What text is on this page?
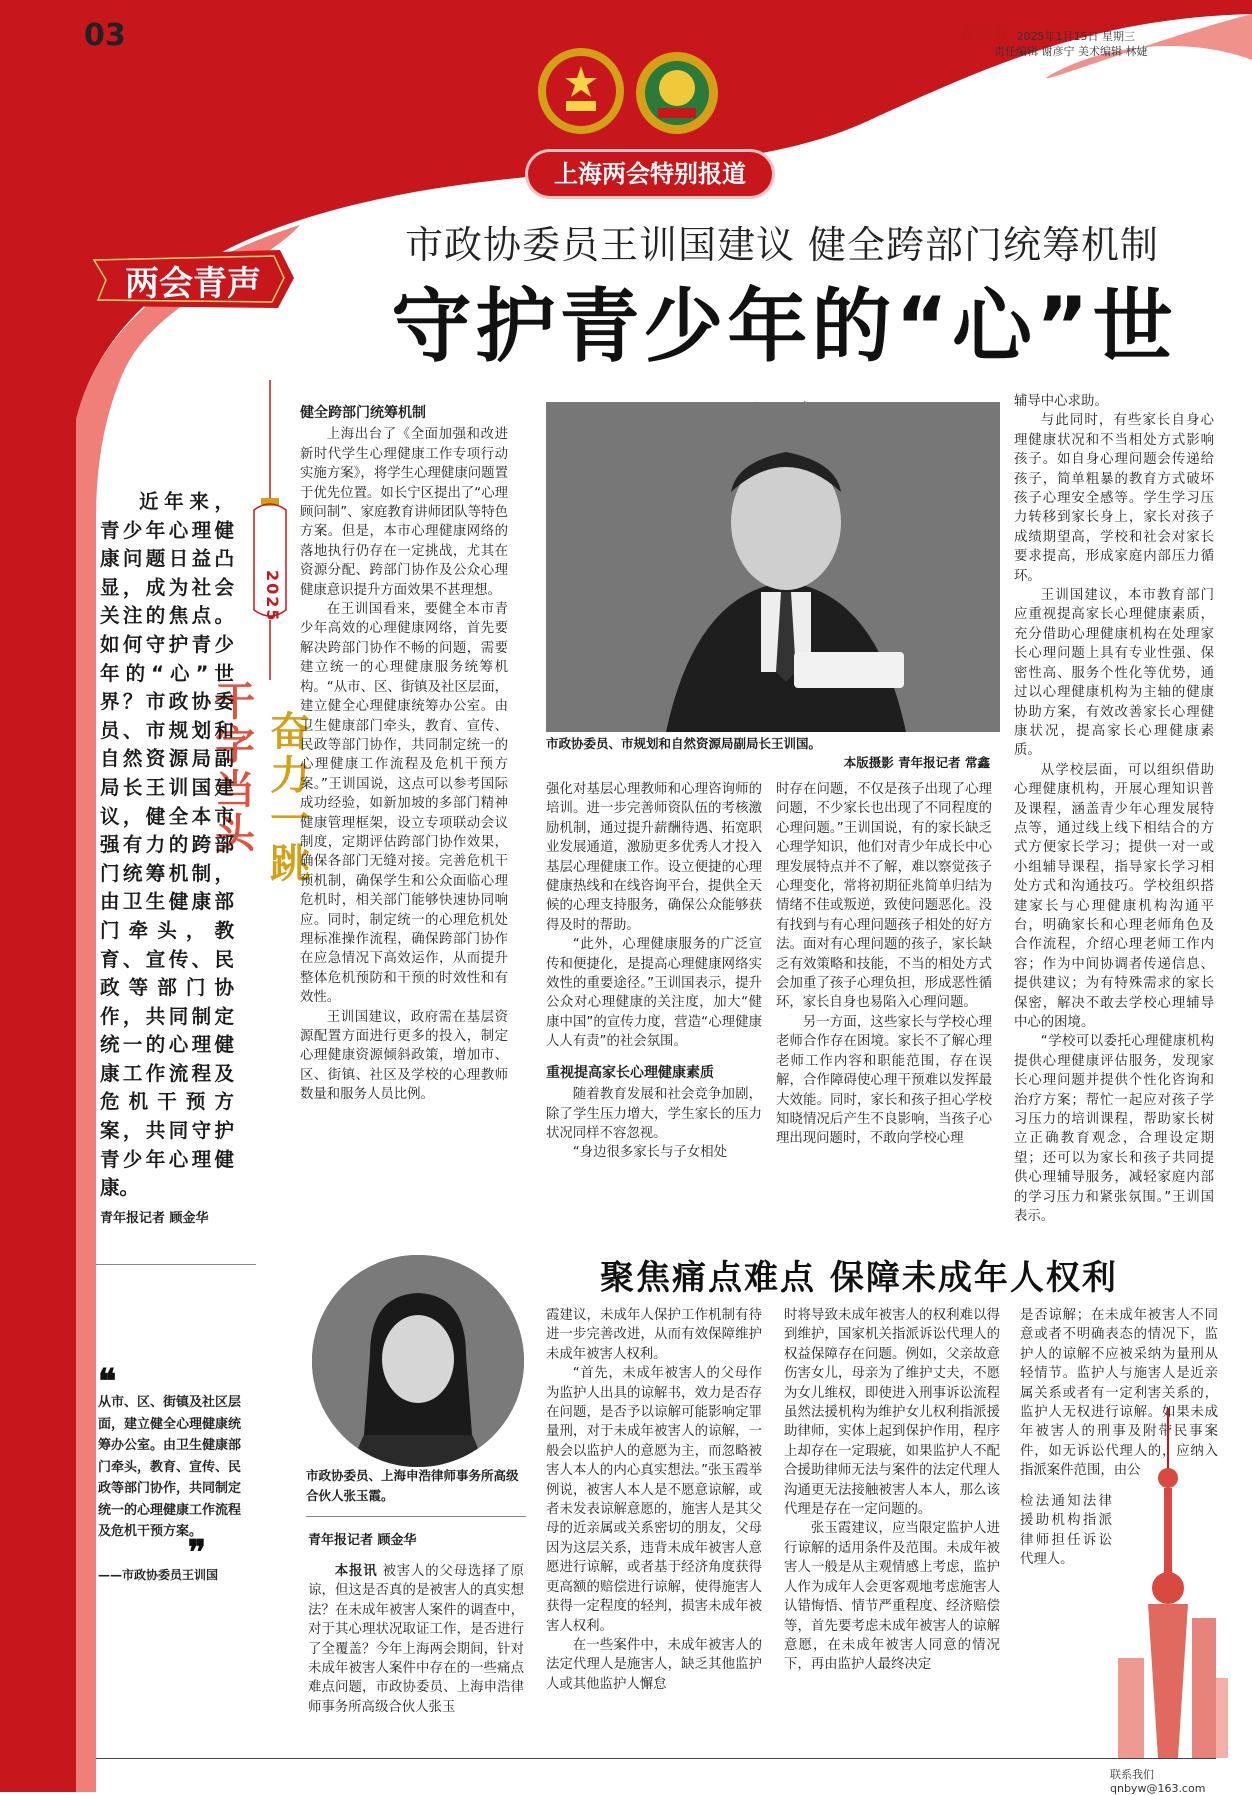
03	青年报 2025年1月15日 星期三
责任编辑 谢彦宁 美术编辑 林婕
上海两会特别报道
两会青声
市政协委员王训国建议 健全跨部门统筹机制
守护青少年的“心”世
2025
干字当头 奋力一跳

近年来，青少年心理健康问题日益凸显，成为社会关注的焦点。如何守护青少年的“心”世界？市政协委员、市规划和自然资源局副局长王训国建议，健全本市强有力的跨部门统筹机制，由卫生健康部门牵头，教育、宣传、民政等部门协作，共同制定统一的心理健康工作流程及危机干预方案，共同守护青少年心理健康。

青年报记者 顾金华
健全跨部门统筹机制

上海出台了《全面加强和改进新时代学生心理健康工作专项行动实施方案》，将学生心理健康问题置于优先位置。如长宁区提出了“心理顾问制”、家庭教育讲师团队等特色方案。但是，本市心理健康网络的落地执行仍存在一定挑战，尤其在资源分配、跨部门协作及公众心理健康意识提升方面效果不甚理想。

在王训国看来，要健全本市青少年高效的心理健康网络，首先要解决跨部门协作不畅的问题，需要建立统一的心理健康服务统筹机构。“从市、区、街镇及社区层面，建立健全心理健康统筹办公室。由卫生健康部门牵头，教育、宣传、民政等部门协作，共同制定统一的心理健康工作流程及危机干预方案。”王训国说，这点可以参考国际成功经验，如新加坡的多部门精神健康管理框架，设立专项联动会议制度，定期评估跨部门协作效果，确保各部门无缝对接。完善危机干预机制，确保学生和公众面临心理危机时，相关部门能够快速协同响应。同时，制定统一的心理危机处理标准操作流程，确保跨部门协作在应急情况下高效运作，从而提升整体危机预防和干预的时效性和有效性。

王训国建议，政府需在基层资源配置方面进行更多的投入，制定心理健康资源倾斜政策，增加市、区、街镇、社区及学校的心理教师数量和服务人员比例。

市政协委员、市规划和自然资源局副局长王训国。
本版摄影 青年报记者 常鑫

强化对基层心理教师和心理咨询师的培训。进一步完善师资队伍的考核激励机制，通过提升薪酬待遇、拓宽职业发展通道，激励更多优秀人才投入基层心理健康工作。设立便捷的心理健康热线和在线咨询平台，提供全天候的心理支持服务，确保公众能够获得及时的帮助。

“此外，心理健康服务的广泛宣传和便捷化，是提高心理健康网络实效性的重要途径。”王训国表示，提升公众对心理健康的关注度，加大“健康中国”的宣传力度，营造“心理健康人人有责”的社会氛围。

重视提高家长心理健康素质

随着教育发展和社会竞争加剧，除了学生压力增大，学生家长的压力状况同样不容忽视。

“身边很多家长与子女相处

时存在问题，不仅是孩子出现了心理问题，不少家长也出现了不同程度的心理问题。”王训国说，有的家长缺乏心理学知识，他们对青少年成长中心理发展特点并不了解，难以察觉孩子心理变化，常将初期征兆简单归结为情绪不佳或叛逆，致使问题恶化。没有找到与有心理问题孩子相处的好方法。面对有心理问题的孩子，家长缺乏有效策略和技能，不当的相处方式会加重了孩子心理负担，形成恶性循环，家长自身也易陷入心理问题。

另一方面，这些家长与学校心理老师合作存在困境。家长不了解心理老师工作内容和职能范围，存在误解，合作障碍使心理干预难以发挥最大效能。同时，家长和孩子担心学校知晓情况后产生不良影响，当孩子心理出现问题时，不敢向学校心理

辅导中心求助。

与此同时，有些家长自身心理健康状况和不当相处方式影响孩子。如自身心理问题会传递给孩子，简单粗暴的教育方式破坏孩子心理安全感等。学生学习压力转移到家长身上，家长对孩子成绩期望高，学校和社会对家长要求提高，形成家庭内部压力循环。

王训国建议，本市教育部门应重视提高家长心理健康素质，充分借助心理健康机构在处理家长心理问题上具有专业性强、保密性高、服务个性化等优势，通过以心理健康机构为主轴的健康协助方案，有效改善家长心理健康状况，提高家长心理健康素质。

从学校层面，可以组织借助心理健康机构，开展心理知识普及课程，涵盖青少年心理发展特点等，通过线上线下相结合的方式方便家长学习；提供一对一或小组辅导课程，指导家长学习相处方式和沟通技巧。学校组织搭建家长与心理健康机构沟通平台，明确家长和心理老师角色及合作流程，介绍心理老师工作内容；作为中间协调者传递信息、提供建议；为有特殊需求的家长保密，解决不敢去学校心理辅导中心的困境。

“学校可以委托心理健康机构提供心理健康评估服务，发现家长心理问题并提供个性化咨询和治疗方案；帮忙一起应对孩子学习压力的培训课程，帮助家长树立正确教育观念，合理设定期望；还可以为家长和孩子共同提供心理辅导服务，减轻家庭内部的学习压力和紧张氛围。”王训国表示。

❝
从市、区、街镇及社区层面，建立健全心理健康统筹办公室。由卫生健康部门牵头，教育、宣传、民政等部门协作，共同制定统一的心理健康工作流程及危机干预方案。
❞
——市政协委员王训国
聚焦痛点难点 保障未成年人权利
市政协委员、上海申浩律师事务所高级合伙人张玉霞。
青年报记者 顾金华

本报讯 被害人的父母选择了原谅，但这是否真的是被害人的真实想法？在未成年被害人案件的调查中，对于其心理状况取证工作，是否进行了全覆盖？今年上海两会期间，针对未成年被害人案件中存在的一些痛点难点问题，市政协委员、上海申浩律师事务所高级合伙人张玉

霞建议，未成年人保护工作机制有待进一步完善改进，从而有效保障维护未成年被害人权利。

“首先，未成年被害人的父母作为监护人出具的谅解书，效力是否存在问题，是否予以谅解可能影响定罪量刑，对于未成年被害人的谅解，一般会以监护人的意愿为主，而忽略被害人本人的内心真实想法。”张玉霞举例说，被害人本人是不愿意谅解，或者未发表谅解意愿的，施害人是其父母的近亲属或关系密切的朋友，父母因为这层关系，违背未成年被害人意愿进行谅解，或者基于经济角度获得更高额的赔偿进行谅解，使得施害人获得一定程度的轻判，损害未成年被害人权利。

在一些案件中，未成年被害人的法定代理人是施害人，缺乏其他监护人或其他监护人懈怠

时将导致未成年被害人的权利难以得到维护，国家机关指派诉讼代理人的权益保障存在问题。例如，父亲故意伤害女儿，母亲为了维护丈夫，不愿为女儿维权，即使进入刑事诉讼流程虽然法援机构为维护女儿权利指派援助律师，实体上起到保护作用，程序上却存在一定瑕疵，如果监护人不配合援助律师无法与案件的法定代理人沟通更无法接触被害人本人，那么该代理是存在一定问题的。

张玉霞建议，应当限定监护人进行谅解的适用条件及范围。未成年被害人一般是从主观情感上考虑，监护人作为成年人会更客观地考虑施害人认错悔悟、情节严重程度、经济赔偿等，首先要考虑未成年被害人的谅解意愿，在未成年被害人同意的情况下，再由监护人最终决定

是否谅解；在未成年被害人不同意或者不明确表态的情况下，监护人的谅解不应被采纳为量刑从轻情节。监护人与施害人是近亲属关系或者有一定利害关系的，监护人无权进行谅解。如果未成年被害人的刑事及附带民事案件，如无诉讼代理人的，应纳入指派案件范围，由公

检法通知法律援助机构指派律师担任诉讼代理人。

联系我们 qnbyw@163.com
